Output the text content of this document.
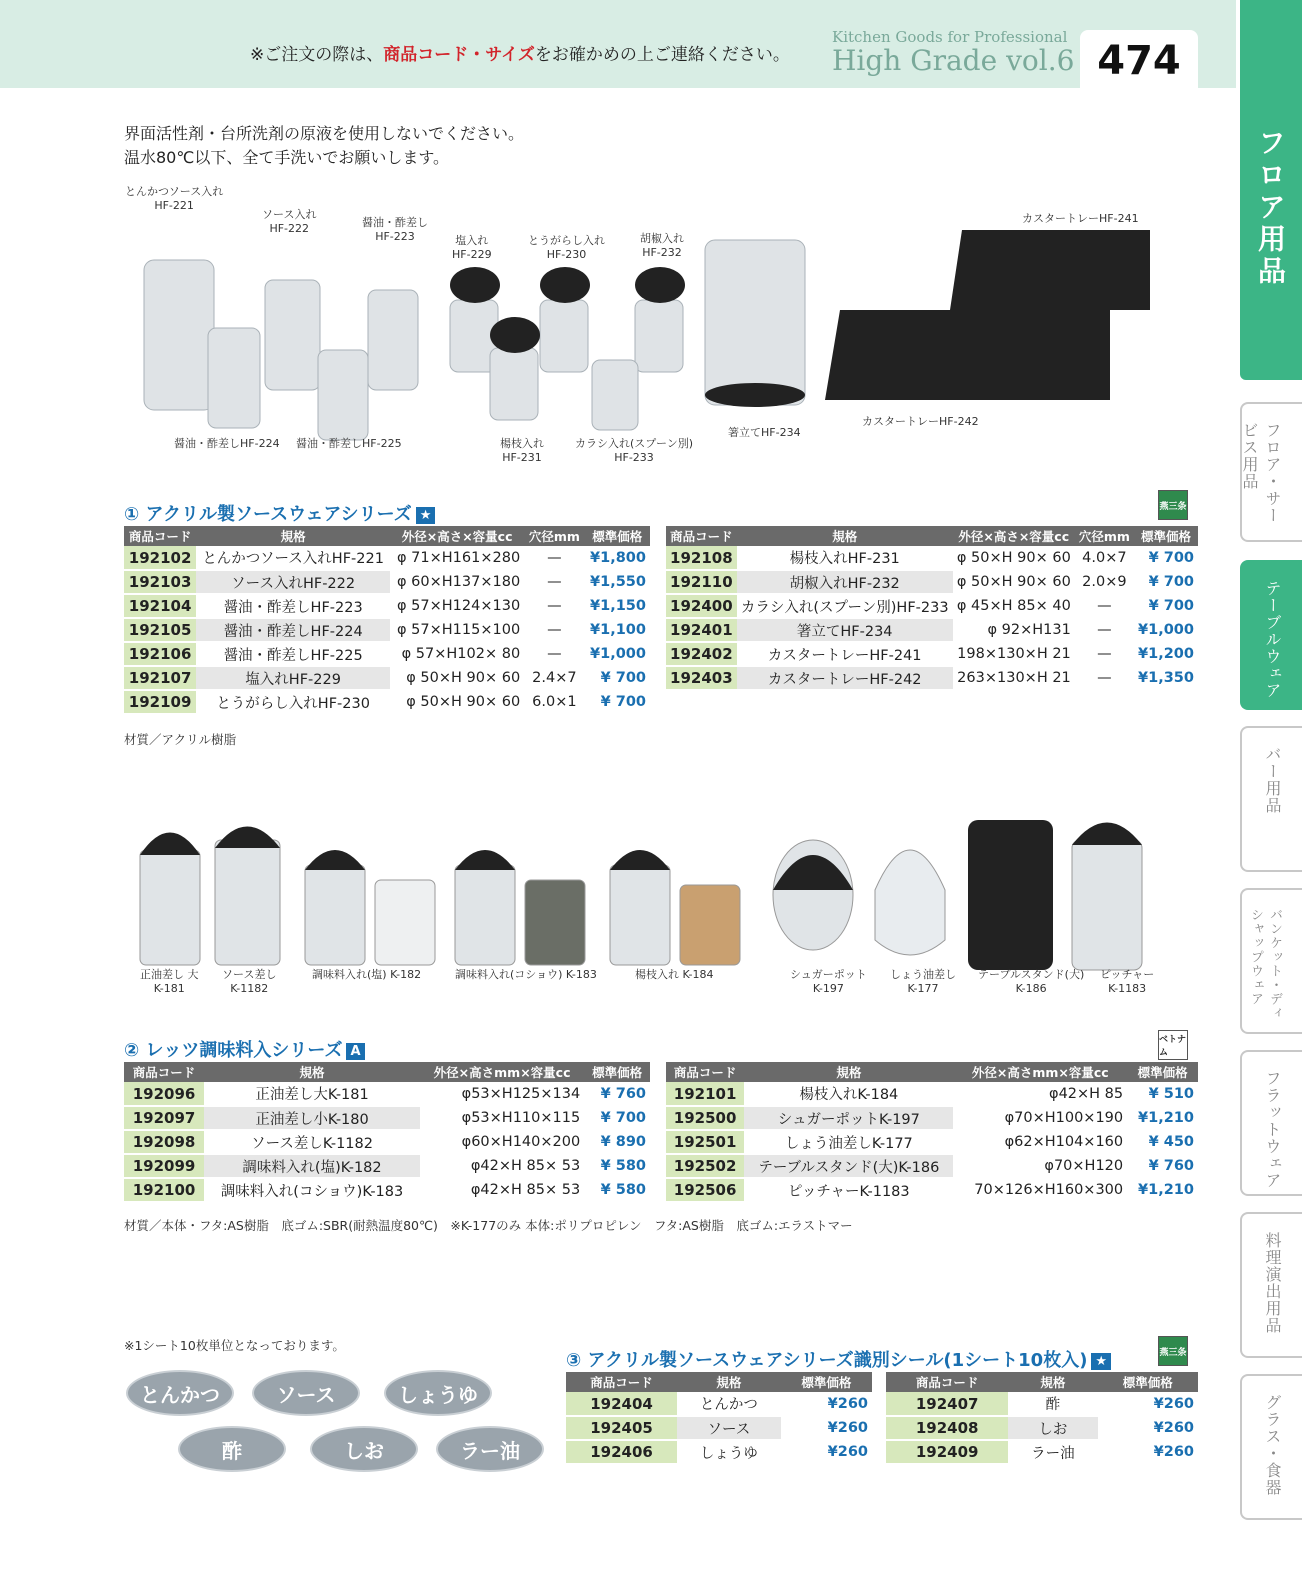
※ご注文の際は、商品コード・サイズをお確かめの上ご連絡ください。
Kitchen Goods for Professional
High Grade vol.6 474
フロア用品
フロア・サービス用品
テーブルウェア
バー用品
バンケット・ディシャップウェア
フラットウェア
料理演出用品
グラス・食器
界面活性剤・台所洗剤の原液を使用しないでください。
温水80℃以下、全て手洗いでお願いします。
とんかつソース入れ
HF-221
ソース入れ
HF-222	醤油・酢差し
HF-223	塩入れ
HF-229
とうがらし入れ
HF-230
胡椒入れ
HF-232
カスタートレーHF-241
醤油・酢差しHF-224 醤油・酢差しHF-225	楊枝入れ
HF-231
カラシ入れ(スプーン別)
HF-233
箸立てHF-234
カスタートレーHF-242
① アクリル製ソースウェアシリーズ ★
燕三条
商品コード	規格	外径×高さ×容量cc	穴径mm	標準価格
192102	とんかつソース入れHF-221	φ 71×H161×280	—	¥1,800
192103	ソース入れHF-222	φ 60×H137×180	—	¥1,550
192104	醤油・酢差しHF-223	φ 57×H124×130	—	¥1,150
192105	醤油・酢差しHF-224	φ 57×H115×100	—	¥1,100
192106	醤油・酢差しHF-225	φ 57×H102× 80	—	¥1,000
192107	塩入れHF-229	φ 50×H 90× 60	2.4×7	¥ 700
192109	とうがらし入れHF-230	φ 50×H 90× 60	6.0×1	¥ 700
商品コード	規格	外径×高さ×容量cc	穴径mm	標準価格
192108	楊枝入れHF-231	φ 50×H 90× 60	4.0×7	¥ 700
192110	胡椒入れHF-232	φ 50×H 90× 60	2.0×9	¥ 700
192400	カラシ入れ(スプーン別)HF-233	φ 45×H 85× 40	—	¥ 700
192401	箸立てHF-234	φ 92×H131	—	¥1,000
192402	カスタートレーHF-241	198×130×H 21	—	¥1,200
192403	カスタートレーHF-242	263×130×H 21	—	¥1,350
材質／アクリル樹脂
正油差し 大
K-181
ソース差し
K-1182
調味料入れ(塩) K-182	調味料入れ(コショウ) K-183	楊枝入れ K-184	シュガーポット
K-197
しょう油差し
K-177
テーブルスタンド(大)
K-186
ピッチャー
K-1183
② レッツ調味料入シリーズ A
ベトナム
商品コード	規格	外径×高さmm×容量cc	標準価格
192096	正油差し大K-181	φ53×H125×134	¥ 760
192097	正油差し小K-180	φ53×H110×115	¥ 700
192098	ソース差しK-1182	φ60×H140×200	¥ 890
192099	調味料入れ(塩)K-182	φ42×H 85× 53	¥ 580
192100	調味料入れ(コショウ)K-183	φ42×H 85× 53	¥ 580
商品コード	規格	外径×高さmm×容量cc	標準価格
192101	楊枝入れK-184	φ42×H 85	¥ 510
192500	シュガーポットK-197	φ70×H100×190	¥1,210
192501	しょう油差しK-177	φ62×H104×160	¥ 450
192502	テーブルスタンド(大)K-186	φ70×H120	¥ 760
192506	ピッチャーK-1183	70×126×H160×300	¥1,210
材質／本体・フタ:AS樹脂　底ゴム:SBR(耐熱温度80℃)　※K-177のみ 本体:ポリプロピレン　フタ:AS樹脂　底ゴム:エラストマー
※1シート10枚単位となっております。
とんかつ	ソース	しょうゆ
酢	しお	ラー油
③ アクリル製ソースウェアシリーズ識別シール(1シート10枚入) ★
燕三条
商品コード	規格	標準価格
192404	とんかつ	¥260
192405	ソース	¥260
192406	しょうゆ	¥260
商品コード	規格	標準価格
192407	酢	¥260
192408	しお	¥260
192409	ラー油	¥260
